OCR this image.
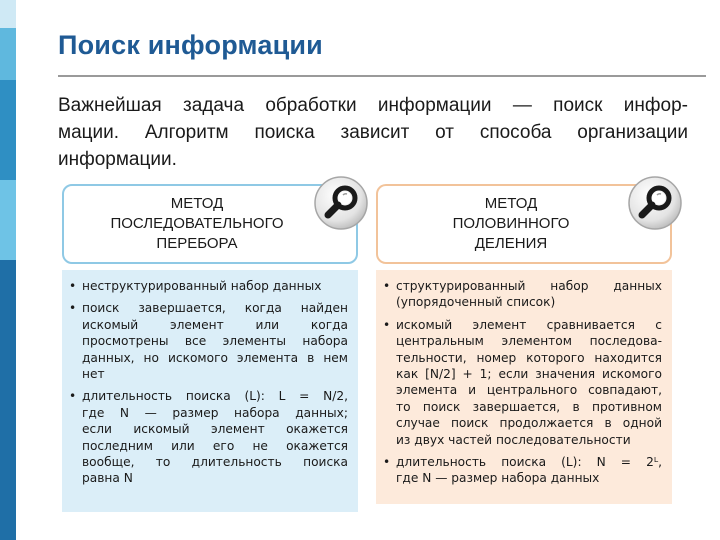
Поиск информации
Важнейшая задача обработки информации — поиск инфор-
мации. Алгоритм поиска зависит от способа организации
информации.
МЕТОД
ПОСЛЕДОВАТЕЛЬНОГО
ПЕРЕБОРА
• неструктурированный набор данных
• поиск завершается, когда найден
искомый элемент или когда
просмотрены все элементы набора
данных, но искомого элемента в нем
нет
• длительность поиска (L): L = N/2,
где N — размер набора данных;
если искомый элемент окажется
последним или его не окажется
вообще, то длительность поиска
равна N
МЕТОД
ПОЛОВИННОГО
ДЕЛЕНИЯ
• структурированный набор данных
(упорядоченный список)
• искомый элемент сравнивается с
центральным элементом последова-
тельности, номер которого находится
как [N/2] + 1; если значения искомого
элемента и центрального совпадают,
то поиск завершается, в противном
случае поиск продолжается в одной
из двух частей последовательности
• длительность поиска (L): N = 2ᴸ,
где N — размер набора данных
